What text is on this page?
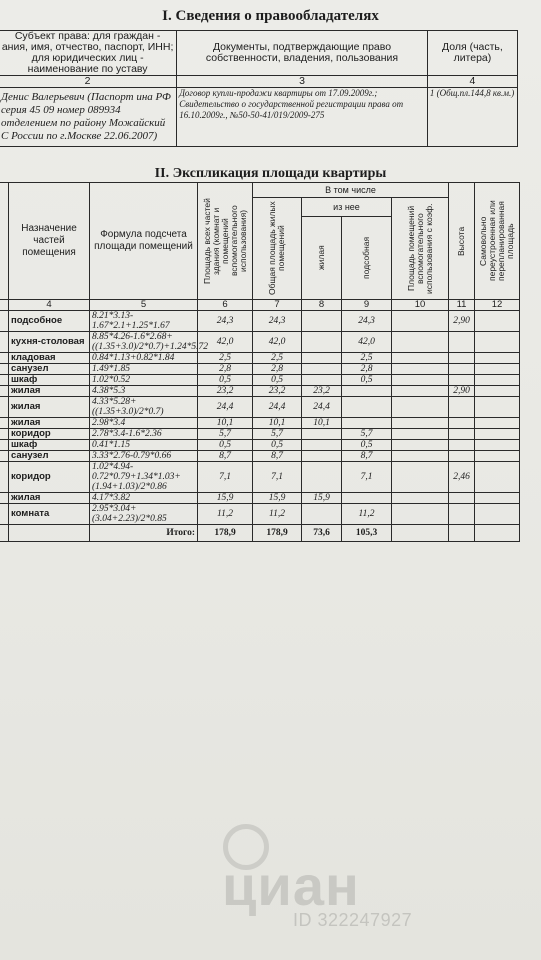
I. Сведения о правообладателях
Субъект права: для граждан - ания, имя, отчество, паспорт, ИНН; для юридических лиц - наименование по уставу	Документы, подтверждающие право собственности, владения, пользования	Доля (часть, литера)
2	3	4
Денис Валерьевич (Паспорт ина РФ серия 45 09 номер 089934 отделением по району Можайский С России по г.Москве 22.06.2007)	Договор купли-продажи квартиры от 17.09.2009г.; Свидетельство о государственной регистрации права от 16.10.2009г., №50-50-41/019/2009-275	1 (Общ.пл.144,8 кв.м.)
II. Экспликация площади квартиры
	Назначение частей помещения	Формула подсчета площади помещений	Площадь всех частей здания (комнат и помещений вспомогательного использования)	В том числе				Высота	Самовольно переустроенная или перепланированная площадь

				Общая площадь жилых помещений	из нее		Площадь помещений вспомогательного использования с коэф.		

					жилая	подсобная			

	4	5	6	7	8	9	10	11	12
	подсобное	8.21*3.13-1.67*2.1+1.25*1.67	24,3	24,3		24,3		2,90	
	кухня-столовая	8.85*4.26-1.6*2.68+((1.35+3.0)/2*0.7)+1.24*5.72	42,0	42,0		42,0			
	кладовая	0.84*1.13+0.82*1.84	2,5	2,5		2,5			
	санузел	1.49*1.85	2,8	2,8		2,8			
	шкаф	1.02*0.52	0,5	0,5		0,5			
	жилая	4.38*5.3	23,2	23,2	23,2			2,90	
	жилая	4.33*5.28+((1.35+3.0)/2*0.7)	24,4	24,4	24,4				
	жилая	2.98*3.4	10,1	10,1	10,1				
	коридор	2.78*3.4-1.6*2.36	5,7	5,7		5,7			
	шкаф	0.41*1.15	0,5	0,5		0,5			
	санузел	3.33*2.76-0.79*0.66	8,7	8,7		8,7			
	коридор	1.02*4.94-0.72*0.79+1.34*1.03+(1.94+1.03)/2*0.86	7,1	7,1		7,1		2,46	
	жилая	4.17*3.82	15,9	15,9	15,9				
	комната	2.95*3.04+(3.04+2.23)/2*0.85	11,2	11,2		11,2			
		Итого:	178,9	178,9	73,6	105,3			
циан
ID 322247927
